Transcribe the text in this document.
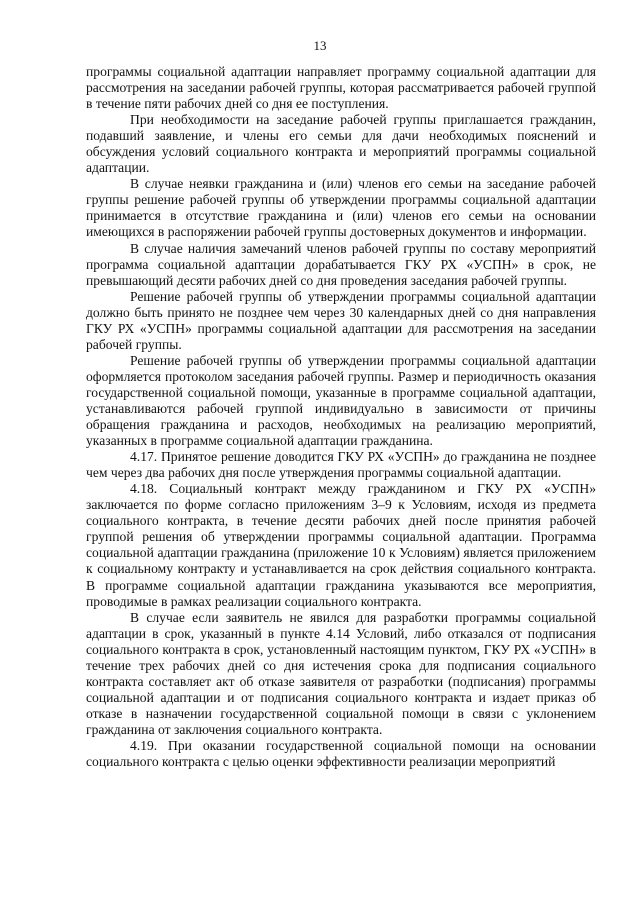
13

программы социальной адаптации направляет программу социальной адаптации для рассмотрения на заседании рабочей группы, которая рассматривается рабочей группой в течение пяти рабочих дней со дня ее поступления.

При необходимости на заседание рабочей группы приглашается гражданин, подавший заявление, и члены его семьи для дачи необходимых пояснений и обсуждения условий социального контракта и мероприятий программы социальной адаптации.

В случае неявки гражданина и (или) членов его семьи на заседание рабочей группы решение рабочей группы об утверждении программы социальной адаптации принимается в отсутствие гражданина и (или) членов его семьи на основании имеющихся в распоряжении рабочей группы достоверных документов и информации.

В случае наличия замечаний членов рабочей группы по составу мероприятий программа социальной адаптации дорабатывается ГКУ РХ «УСПН» в срок, не превышающий десяти рабочих дней со дня проведения заседания рабочей группы.

Решение рабочей группы об утверждении программы социальной адаптации должно быть принято не позднее чем через 30 календарных дней со дня направления ГКУ РХ «УСПН» программы социальной адаптации для рассмотрения на заседании рабочей группы.

Решение рабочей группы об утверждении программы социальной адаптации оформляется протоколом заседания рабочей группы. Размер и периодичность оказания государственной социальной помощи, указанные в программе социальной адаптации, устанавливаются рабочей группой индивидуально в зависимости от причины обращения гражданина и расходов, необходимых на реализацию мероприятий, указанных в программе социальной адаптации гражданина.

4.17. Принятое решение доводится ГКУ РХ «УСПН» до гражданина не позднее чем через два рабочих дня после утверждения программы социальной адаптации.

4.18. Социальный контракт между гражданином и ГКУ РХ «УСПН» заключается по форме согласно приложениям 3–9 к Условиям, исходя из предмета социального контракта, в течение десяти рабочих дней после принятия рабочей группой решения об утверждении программы социальной адаптации. Программа социальной адаптации гражданина (приложение 10 к Условиям) является приложением к социальному контракту и устанавливается на срок действия социального контракта. В программе социальной адаптации гражданина указываются все мероприятия, проводимые в рамках реализации социального контракта.

В случае если заявитель не явился для разработки программы социальной адаптации в срок, указанный в пункте 4.14 Условий, либо отказался от подписания социального контракта в срок, установленный настоящим пунктом, ГКУ РХ «УСПН» в течение трех рабочих дней со дня истечения срока для подписания социального контракта составляет акт об отказе заявителя от разработки (подписания) программы социальной адаптации и от подписания социального контракта и издает приказ об отказе в назначении государственной социальной помощи в связи с уклонением гражданина от заключения социального контракта.

4.19. При оказании государственной социальной помощи на основании социального контракта с целью оценки эффективности реализации мероприятий
